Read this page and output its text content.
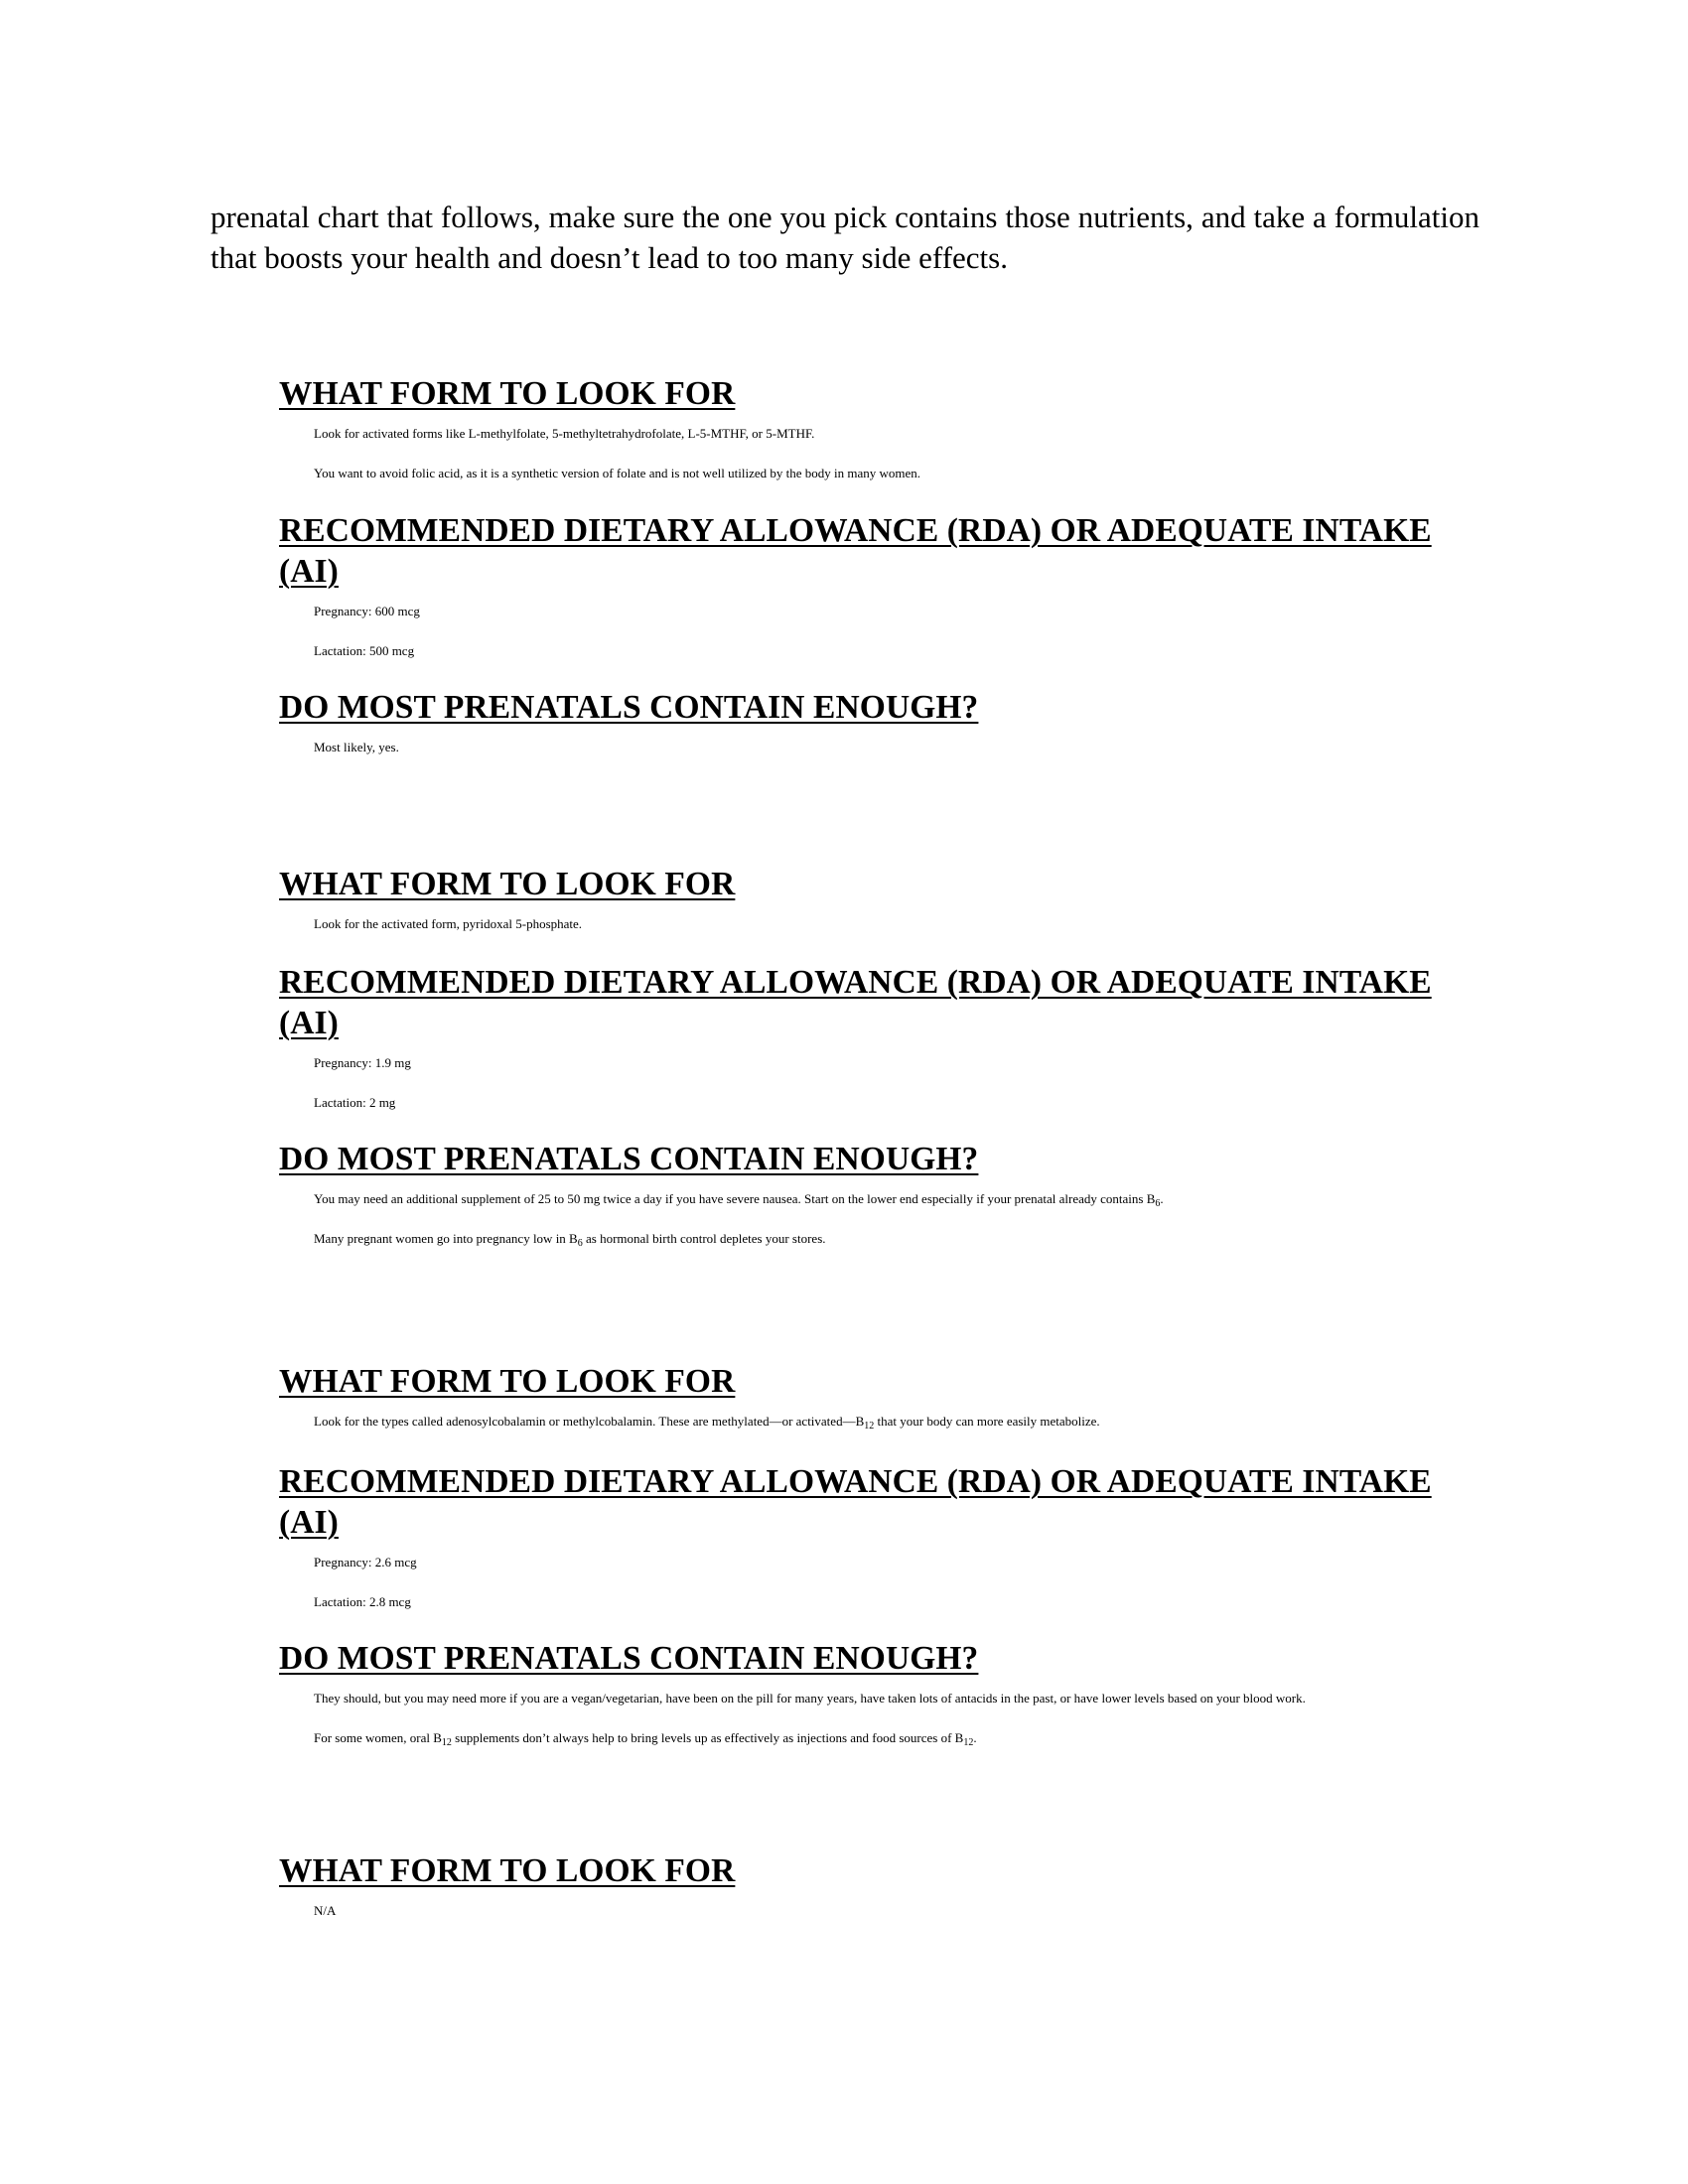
prenatal chart that follows, make sure the one you pick contains those nutrients, and take a formulation that boosts your health and doesn’t lead to too many side effects.

WHAT FORM TO LOOK FOR

Look for activated forms like L-methylfolate, 5-methyltetrahydrofolate, L-5-MTHF, or 5-MTHF.

You want to avoid folic acid, as it is a synthetic version of folate and is not well utilized by the body in many women.

RECOMMENDED DIETARY ALLOWANCE (RDA) OR ADEQUATE INTAKE (AI)

Pregnancy: 600 mcg

Lactation: 500 mcg

DO MOST PRENATALS CONTAIN ENOUGH?

Most likely, yes.

WHAT FORM TO LOOK FOR

Look for the activated form, pyridoxal 5-phosphate.

RECOMMENDED DIETARY ALLOWANCE (RDA) OR ADEQUATE INTAKE (AI)

Pregnancy: 1.9 mg

Lactation: 2 mg

DO MOST PRENATALS CONTAIN ENOUGH?

You may need an additional supplement of 25 to 50 mg twice a day if you have severe nausea. Start on the lower end especially if your prenatal already contains $B_6$.

Many pregnant women go into pregnancy low in $B_6$ as hormonal birth control depletes your stores.

WHAT FORM TO LOOK FOR

Look for the types called adenosylcobalamin or methylcobalamin. These are methylated—or $activated—B_{12}$ that your body can more easily metabolize.

RECOMMENDED DIETARY ALLOWANCE (RDA) OR ADEQUATE INTAKE (AI)

Pregnancy: 2.6 mcg

Lactation: 2.8 mcg

DO MOST PRENATALS CONTAIN ENOUGH?

They should, but you may need more if you are a vegan/vegetarian, have been on the pill for many years, have taken lots of antacids in the past, or have lower levels based on your blood work.

For some women, oral $B_{12}$ supplements don’t always help to bring levels up as effectively as injections and food sources of $B_{12}$.

WHAT FORM TO LOOK FOR

N/A
